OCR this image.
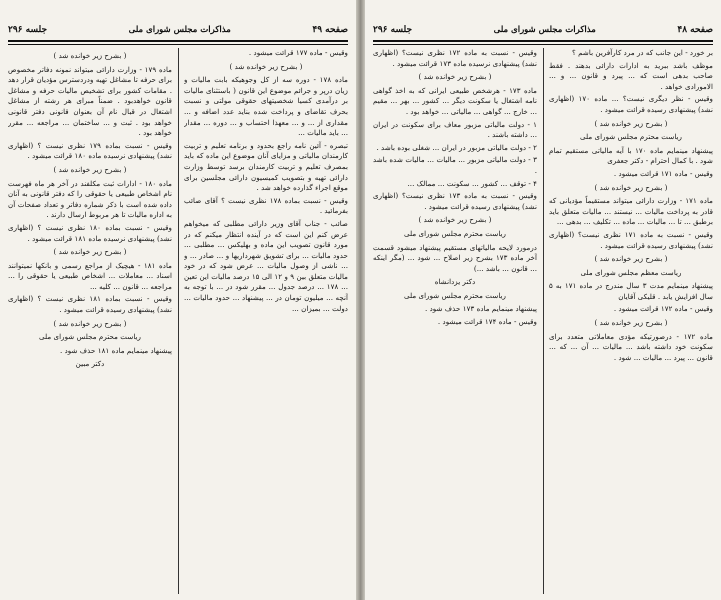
صفحه ۴۹
مذاکرات مجلس شورای ملی
جلسه ۲۹۶

وقیس - ماده ۱۷۷ قرائت میشود .

( بشرح زیر خوانده شد )

ماده ۱۷۸ - دوره سه از کل وجوهیکه بابت مالیات و زیان درپر و جرائم موضوع این قانون ( باستثنای مالیات بر درآمدی کسیا شخصیتهای حقوقی مولتی و نسبت بحرف تقاضای و پرداخت شده بناید عدد اضافه و ... مقداری از ... و ... معهذا احتساب و ... دوره ... مقدار ... باید مالیات ...

تبصره - آئین نامه راجع بحدود و برنامه تعلیم و تربیت کارمندان مالیاتی و مزایای آنان موضوع این ماده که باید بمصرف تعلیم و تربیت کارمندان برسد توسط وزارت دارائی تهیه و بتصویب کمیسیون دارائی مجلسین برای موقع اجراء گذارده خواهد شد .

وقیس - نسبت بماده ۱۷۸ نظری نیست ؟ آقای صائب بفرمائید .

صائب - جناب آقای وزیر دارائی مطلبی که میخواهم عرض کنم این است که در آینده انتظار میکنم که در مورد قانون تصویب این ماده و بهلیکس ... مطلبی ... حدود مالیات ... برای تشویق شهرداریها و ... صادر ... و ... ناشی از وصول مالیات ... عرض شود که در خود مالیات متعلق بین ۹ و ۱۲ الی ۱۵ درصد مالیات این تعین ... ۱۷۸ ... درصد جدول ... مقرر شود در ... با توجه به آنچه ... میلیون تومان در ... پیشنهاد ... حدود مالیات ... دولت ... بمیزان ...

( بشرح زیر خوانده شد )

ماده ۱۷۹ - وزارت دارائی میتواند نمونه دفاتر مخصوص برای حرفه تا مشاغل تهیه ودردسترس مؤدیان قرار دهد . مقامات کشور برای تشخیص مالیات حرفه و مشاغل قانون خواهدبود . ضمناً مبرای هر رشته از مشاغل اشتغال در قبال نام آن بعنوان قانونی دفتر قانونی خواهد بود . ثبت و ... ساختمان ... مراجعه ... مقرر خواهد بود .

وقیس - نسبت بماده ۱۷۹ نظری نیست ؟ (اظهاری نشد) پیشنهادی نرسیده ماده ۱۸۰ قرائت میشود .

( بشرح زیر خوانده شد )

ماده ۱۸۰ - ادارات ثبت مکلفند در آخر هر ماه فهرست نام اشخاص طبیعی یا حقوقی را که دفتر قانونی به آنان داده شده است با ذکر شماره دفاتر و تعداد صفحات آن به اداره مالیات تا هر مربوط ارسال دارند .

وقیس - نسبت بماده ۱۸۰ نظری نیست ؟ (اظهاری نشد) پیشنهادی نرسیده ماده ۱۸۱ قرائت میشود .

( بشرح زیر خوانده شد )

ماده ۱۸۱ - هیچیک از مراجع رسمی و بانکها نمیتوانند اسناد ... معاملات ... اشخاص طبیعی یا حقوقی را ... مراجعه ... قانون ... کلیه ...

وقیس - نسبت بماده ۱۸۱ نظری نیست ؟ (اظهاری نشد) پیشنهادی رسیده قرائت میشود .

( بشرح زیر خوانده شد )

ریاست محترم مجلس شورای ملی

پیشنهاد مینمایم ماده ۱۸۱ حذف شود .

دکتر مبین

صفحه ۴۸
مذاکرات مجلس شورای ملی
جلسه ۲۹۶

بر خورد - این جانب که در مرد کارآفرین باشم ؟

موظف باشد ببرید به ادارات دارائی بدهند . فقط صاحب بدهی است که ... پیرد و قانون ... و ... الامورادی خواهد .

وقیس - نظر دیگری نیست؟ ... ماده ۱۷۰ (اظهاری نشد) پیشنهادی رسیده قرائت میشود .

( بشرح زیر خوانده شد )

ریاست محترم مجلس شورای ملی

پیشنهاد مینمایم ماده ۱۷۰ با آیه مالیاتی مستقیم تمام شود . با کمال احترام - دکتر جعفری

وقیس - ماده ۱۷۱ قرائت میشود .

( بشرح زیر خوانده شد )

ماده ۱۷۱ - وزارت دارائی میتواند مستقیماً مؤدیانی که قادر به پرداخت مالیات ... نیستند ... مالیات متعلق باید برطبق ... تا ... مالیات ... ماده ... تکلیف ... بدهی ...

وقیس - نسبت به ماده ۱۷۱ نظری نیست؟ (اظهاری نشد) پیشنهادی رسیده قرائت میشود .

( بشرح زیر خوانده شد )

ریاست معظم مجلس شورای ملی

پیشنهاد مینمایم مدت ۳ سال مندرج در ماده ۱۷۱ به ۵ سال افزایش یابد . قلیکی آقایان

وقیس - ماده ۱۷۲ قرائت میشود .

( بشرح زیر خوانده شد )

ماده ۱۷۲ - درصورتیکه مؤدی معاملاتی متعدد برای سکونت خود داشته باشد ... مالیات ... آن ... که ... قانون ... پیرد ... مالیات ... شود .

وقیس - نسبت به ماده ۱۷۲ نظری نیست؟ (اظهاری نشد) پیشنهادی نرسیده ماده ۱۷۳ قرائت میشود .

( بشرح زیر خوانده شد )

ماده ۱۷۳ - هرشخص طبیعی ایرانی که به اخذ گواهی نامه اشتغال یا سکونت دیگر ... کشور ... بهر ... مقیم ... خارج ... گواهی ... مالیاتی ... خواهد بود .

۱ - دولت مالیاتی مزبور معاف برای سکونت در ایران ... داشته باشند .

۲ - دولت مالیاتی مزبور در ایران ... شغلی بوده باشد .

۳ - دولت مالیاتی مزبور ... مالیات ... مالیات شده باشد .

۴ - توقف ... کشور ... سکونت ... ممالک ...

وقیس - نسبت به ماده ۱۷۳ نظری نیست؟ (اظهاری نشد) پیشنهادی رسیده قرائت میشود .

( بشرح زیر خوانده شد )

ریاست محترم مجلس شورای ملی

درمورد لایحه مالیاتهای مستقیم پیشنهاد میشود قسمت آخر ماده ۱۷۳ بشرح زیر اصلاح ... شود ... (مگر اینکه ... قانون ... باشد ...)

دکتر یزدانشاه

ریاست محترم مجلس شورای ملی

پیشنهاد مینمایم ماده ۱۷۳ حذف شود .

وقیس - ماده ۱۷۴ قرائت میشود .
